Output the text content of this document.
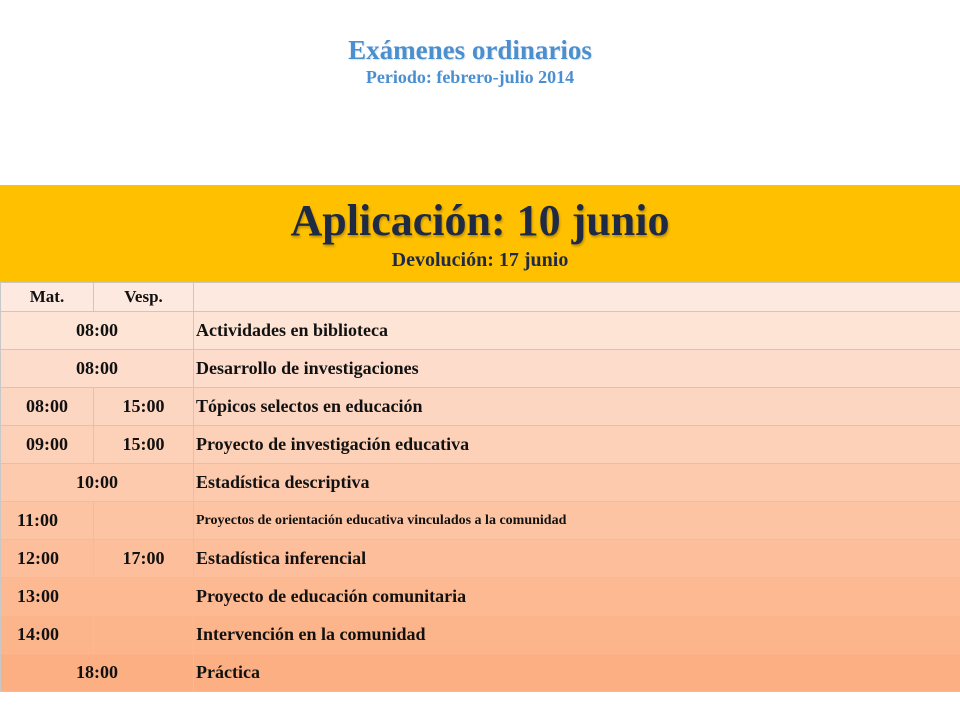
Exámenes ordinarios
Periodo: febrero-julio 2014
Aplicación: 10 junio
Devolución: 17 junio
Mat.	Vesp.	
08:00		Actividades en biblioteca
08:00		Desarrollo de investigaciones
08:00	15:00	Tópicos selectos en educación
09:00	15:00	Proyecto de investigación educativa
10:00		Estadística descriptiva
11:00		Proyectos de orientación educativa vinculados a la comunidad
12:00	17:00	Estadística inferencial
13:00		Proyecto de educación comunitaria
14:00		Intervención en la comunidad
18:00		Práctica
